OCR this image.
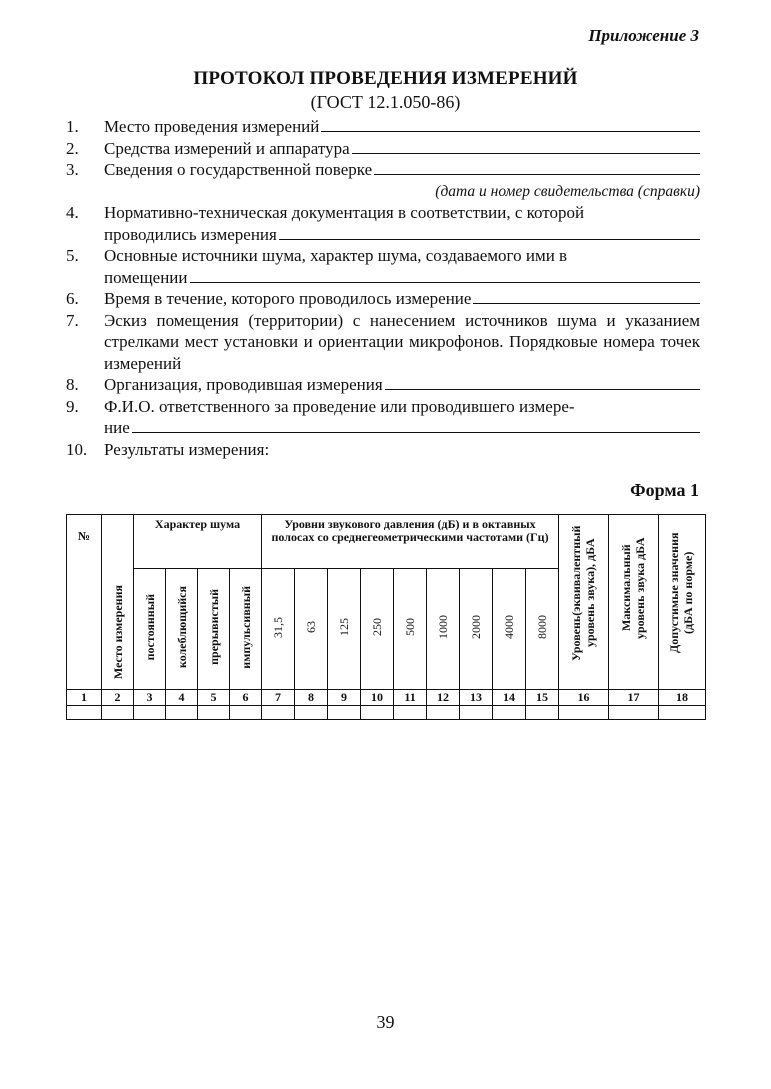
Приложение 3
ПРОТОКОЛ ПРОВЕДЕНИЯ ИЗМЕРЕНИЙ
(ГОСТ 12.1.050-86)
1.	Место проведения измерений
2.	Средства измерений и аппаратура
3.	Сведения о государственной поверке
(дата и номер свидетельства (справки)
4.	Нормативно-техническая документация в соответствии, с которой
проводились измерения
5.	Основные источники шума, характер шума, создаваемого ими в
помещении
6.	Время в течение, которого проводилось измерение
7.	Эскиз помещения (территории) с нанесением источников шума и указанием стрелками мест установки и ориентации микрофонов. Порядковые номера точек измерений
8.	Организация, проводившая измерения
9.	Ф.И.О. ответственного за проведение или проводившего измере-
ние
10. Результаты измерения:
Форма 1
№	Место измерения	Характер шума				Уровни звукового давления (дБ) и в октавных полосах со среднегеометрическими частотами (Гц)									Уровень(эквивалентный уровень звука), дБА	Максимальный уровень звука дБА	Допустимые значения (дБА по норме)
		постоянный	колеблющийся	прерывистый	импульсивный	31,5	63	125	250	500	1000	2000	4000	8000			
1	2	3	4	5	6	7	8	9	10	11	12	13	14	15	16	17	18

39
